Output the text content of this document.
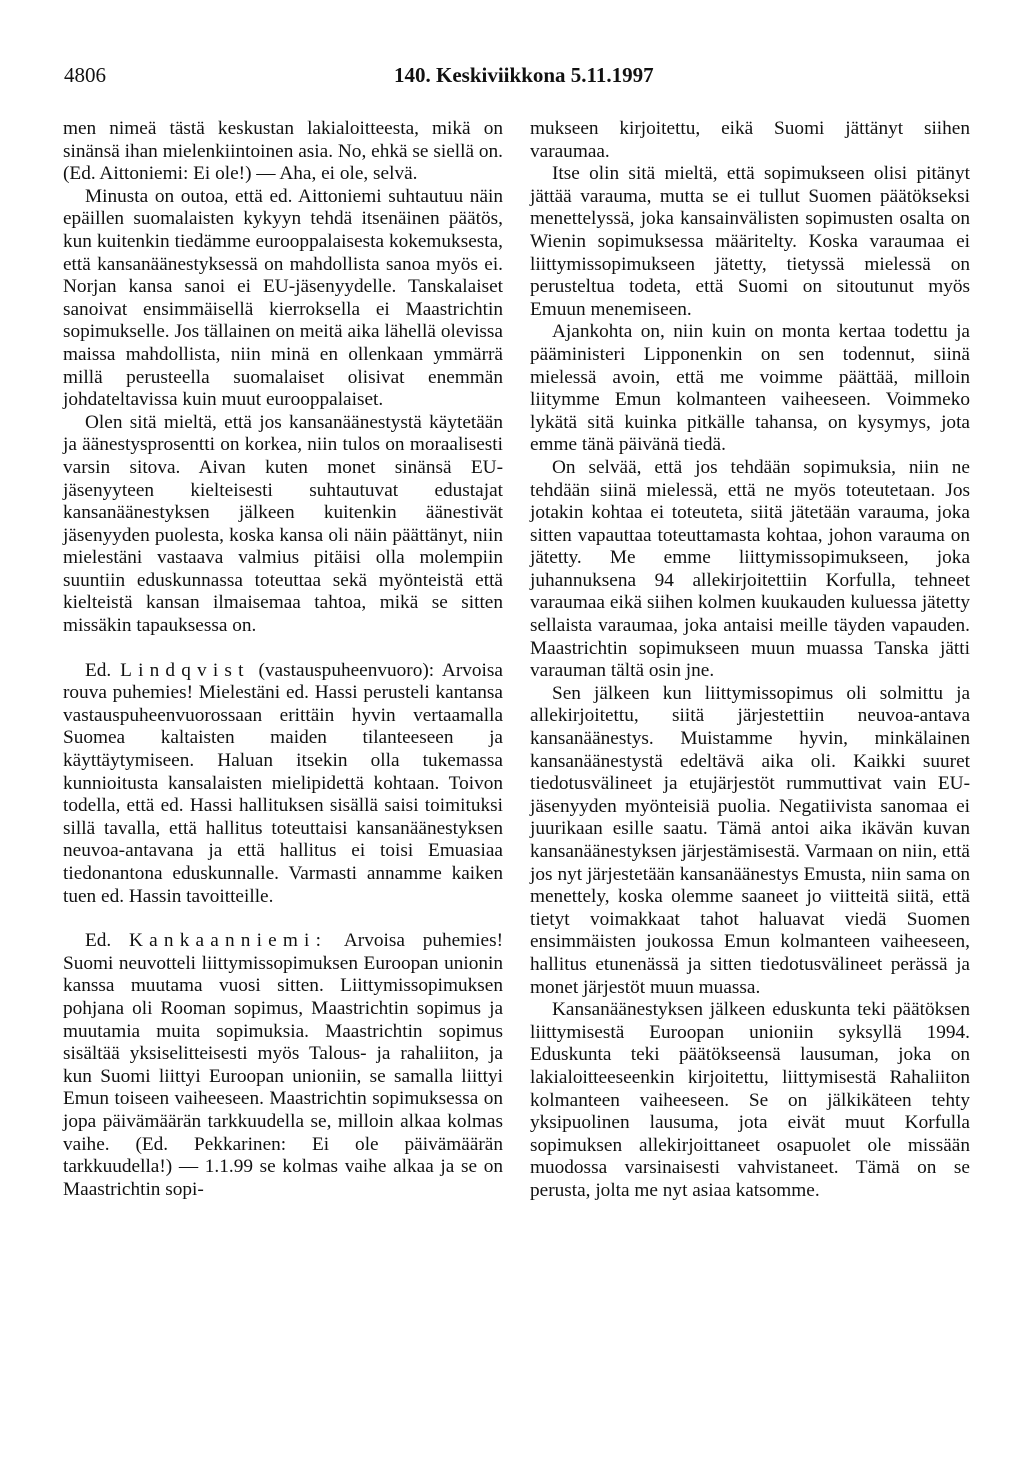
4806	140. Keskiviikkona 5.11.1997

men nimeä tästä keskustan lakialoitteesta, mikä on sinänsä ihan mielenkiintoinen asia. No, ehkä se siellä on. (Ed. Aittoniemi: Ei ole!) — Aha, ei ole, selvä.

Minusta on outoa, että ed. Aittoniemi suhtautuu näin epäillen suomalaisten kykyyn tehdä itsenäinen päätös, kun kuitenkin tiedämme eurooppalaisesta kokemuksesta, että kansanäänestyksessä on mahdollista sanoa myös ei. Norjan kansa sanoi ei EU-jäsenyydelle. Tanskalaiset sanoivat ensimmäisellä kierroksella ei Maastrichtin sopimukselle. Jos tällainen on meitä aika lähellä olevissa maissa mahdollista, niin minä en ollenkaan ymmärrä millä perusteella suomalaiset olisivat enemmän johdateltavissa kuin muut eurooppalaiset.

Olen sitä mieltä, että jos kansanäänestystä käytetään ja äänestysprosentti on korkea, niin tulos on moraalisesti varsin sitova. Aivan kuten monet sinänsä EU-jäsenyyteen kielteisesti suhtautuvat edustajat kansanäänestyksen jälkeen kuitenkin äänestivät jäsenyyden puolesta, koska kansa oli näin päättänyt, niin mielestäni vastaava valmius pitäisi olla molempiin suuntiin eduskunnassa toteuttaa sekä myönteistä että kielteistä kansan ilmaisemaa tahtoa, mikä se sitten missäkin tapauksessa on.

Ed. Lindqvist (vastauspuheenvuoro): Arvoisa rouva puhemies! Mielestäni ed. Hassi perusteli kantansa vastauspuheenvuorossaan erittäin hyvin vertaamalla Suomea kaltaisten maiden tilanteeseen ja käyttäytymiseen. Haluan itsekin olla tukemassa kunnioitusta kansalaisten mielipidettä kohtaan. Toivon todella, että ed. Hassi hallituksen sisällä saisi toimituksi sillä tavalla, että hallitus toteuttaisi kansanäänestyksen neuvoa-antavana ja että hallitus ei toisi Emuasiaa tiedonantona eduskunnalle. Varmasti annamme kaiken tuen ed. Hassin tavoitteille.

Ed. Kankaanniemi: Arvoisa puhemies! Suomi neuvotteli liittymissopimuksen Euroopan unionin kanssa muutama vuosi sitten. Liittymissopimuksen pohjana oli Rooman sopimus, Maastrichtin sopimus ja muutamia muita sopimuksia. Maastrichtin sopimus sisältää yksiselitteisesti myös Talous- ja rahaliiton, ja kun Suomi liittyi Euroopan unioniin, se samalla liittyi Emun toiseen vaiheeseen. Maastrichtin sopimuksessa on jopa päivämäärän tarkkuudella se, milloin alkaa kolmas vaihe. (Ed. Pekkarinen: Ei ole päivämäärän tarkkuudella!) — 1.1.99 se kolmas vaihe alkaa ja se on Maastrichtin sopi-

mukseen kirjoitettu, eikä Suomi jättänyt siihen varaumaa.

Itse olin sitä mieltä, että sopimukseen olisi pitänyt jättää varauma, mutta se ei tullut Suomen päätökseksi menettelyssä, joka kansainvälisten sopimusten osalta on Wienin sopimuksessa määritelty. Koska varaumaa ei liittymissopimukseen jätetty, tietyssä mielessä on perusteltua todeta, että Suomi on sitoutunut myös Emuun menemiseen.

Ajankohta on, niin kuin on monta kertaa todettu ja pääministeri Lipponenkin on sen todennut, siinä mielessä avoin, että me voimme päättää, milloin liitymme Emun kolmanteen vaiheeseen. Voimmeko lykätä sitä kuinka pitkälle tahansa, on kysymys, jota emme tänä päivänä tiedä.

On selvää, että jos tehdään sopimuksia, niin ne tehdään siinä mielessä, että ne myös toteutetaan. Jos jotakin kohtaa ei toteuteta, siitä jätetään varauma, joka sitten vapauttaa toteuttamasta kohtaa, johon varauma on jätetty. Me emme liittymissopimukseen, joka juhannuksena 94 allekirjoitettiin Korfulla, tehneet varaumaa eikä siihen kolmen kuukauden kuluessa jätetty sellaista varaumaa, joka antaisi meille täyden vapauden. Maastrichtin sopimukseen muun muassa Tanska jätti varauman tältä osin jne.

Sen jälkeen kun liittymissopimus oli solmittu ja allekirjoitettu, siitä järjestettiin neuvoa-antava kansanäänestys. Muistamme hyvin, minkälainen kansanäänestystä edeltävä aika oli. Kaikki suuret tiedotusvälineet ja etujärjestöt rummuttivat vain EU-jäsenyyden myönteisiä puolia. Negatiivista sanomaa ei juurikaan esille saatu. Tämä antoi aika ikävän kuvan kansanäänestyksen järjestämisestä. Varmaan on niin, että jos nyt järjestetään kansanäänestys Emusta, niin sama on menettely, koska olemme saaneet jo viitteitä siitä, että tietyt voimakkaat tahot haluavat viedä Suomen ensimmäisten joukossa Emun kolmanteen vaiheeseen, hallitus etunenässä ja sitten tiedotusvälineet perässä ja monet järjestöt muun muassa.

Kansanäänestyksen jälkeen eduskunta teki päätöksen liittymisestä Euroopan unioniin syksyllä 1994. Eduskunta teki päätökseensä lausuman, joka on lakialoitteeseenkin kirjoitettu, liittymisestä Rahaliiton kolmanteen vaiheeseen. Se on jälkikäteen tehty yksipuolinen lausuma, jota eivät muut Korfulla sopimuksen allekirjoittaneet osapuolet ole missään muodossa varsinaisesti vahvistaneet. Tämä on se perusta, jolta me nyt asiaa katsomme.
